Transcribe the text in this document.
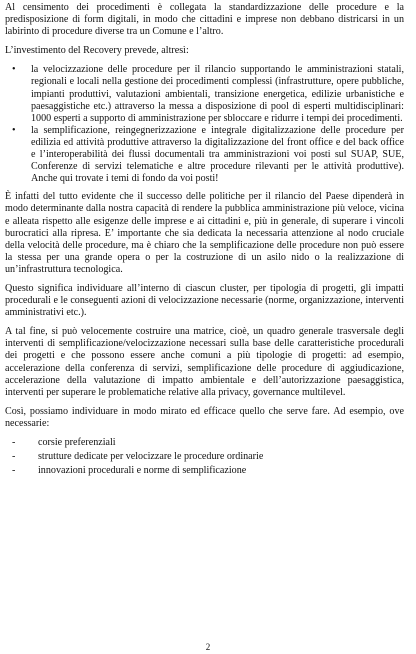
Al censimento dei procedimenti è collegata la standardizzazione delle procedure e la predisposizione di form digitali, in modo che cittadini e imprese non debbano districarsi in un labirinto di procedure diverse tra un Comune e l’altro.

L’investimento del Recovery prevede, altresì:

• la velocizzazione delle procedure per il rilancio supportando le amministrazioni statali, regionali e locali nella gestione dei procedimenti complessi (infrastrutture, opere pubbliche, impianti produttivi, valutazioni ambientali, transizione energetica, edilizie urbanistiche e paesaggistiche etc.) attraverso la messa a disposizione di pool di esperti multidisciplinari: 1000 esperti a supporto di amministrazione per sbloccare e ridurre i tempi dei procedimenti.
• la semplificazione, reingegnerizzazione e integrale digitalizzazione delle procedure per edilizia ed attività produttive attraverso la digitalizzazione del front office e del back office e l’interoperabilità dei flussi documentali tra amministrazioni voi posti sul SUAP, SUE, Conferenze di servizi telematiche e altre procedure rilevanti per le attività produttive). Anche qui trovate i temi di fondo da voi posti!

È infatti del tutto evidente che il successo delle politiche per il rilancio del Paese dipenderà in modo determinante dalla nostra capacità di rendere la pubblica amministrazione più veloce, vicina e alleata rispetto alle esigenze delle imprese e ai cittadini e, più in generale, di superare i vincoli burocratici alla ripresa. E’ importante che sia dedicata la necessaria attenzione al nodo cruciale della velocità delle procedure, ma è chiaro che la semplificazione delle procedure non può essere la stessa per una grande opera o per la costruzione di un asilo nido o la realizzazione di un’infrastruttura tecnologica.

Questo significa individuare all’interno di ciascun cluster, per tipologia di progetti, gli impatti procedurali e le conseguenti azioni di velocizzazione necessarie (norme, organizzazione, interventi amministrativi etc.).

A tal fine, si può velocemente costruire una matrice, cioè, un quadro generale trasversale degli interventi di semplificazione/velocizzazione necessari sulla base delle caratteristiche procedurali dei progetti e che possono essere anche comuni a più tipologie di progetti: ad esempio, accelerazione della conferenza di servizi, semplificazione delle procedure di aggiudicazione, accelerazione della valutazione di impatto ambientale e dell’autorizzazione paesaggistica, interventi per superare le problematiche relative alla privacy, governance multilevel.

Così, possiamo individuare in modo mirato ed efficace quello che serve fare. Ad esempio, ove necessarie:

- corsie preferenziali
- strutture dedicate per velocizzare le procedure ordinarie
- innovazioni procedurali e norme di semplificazione
2
